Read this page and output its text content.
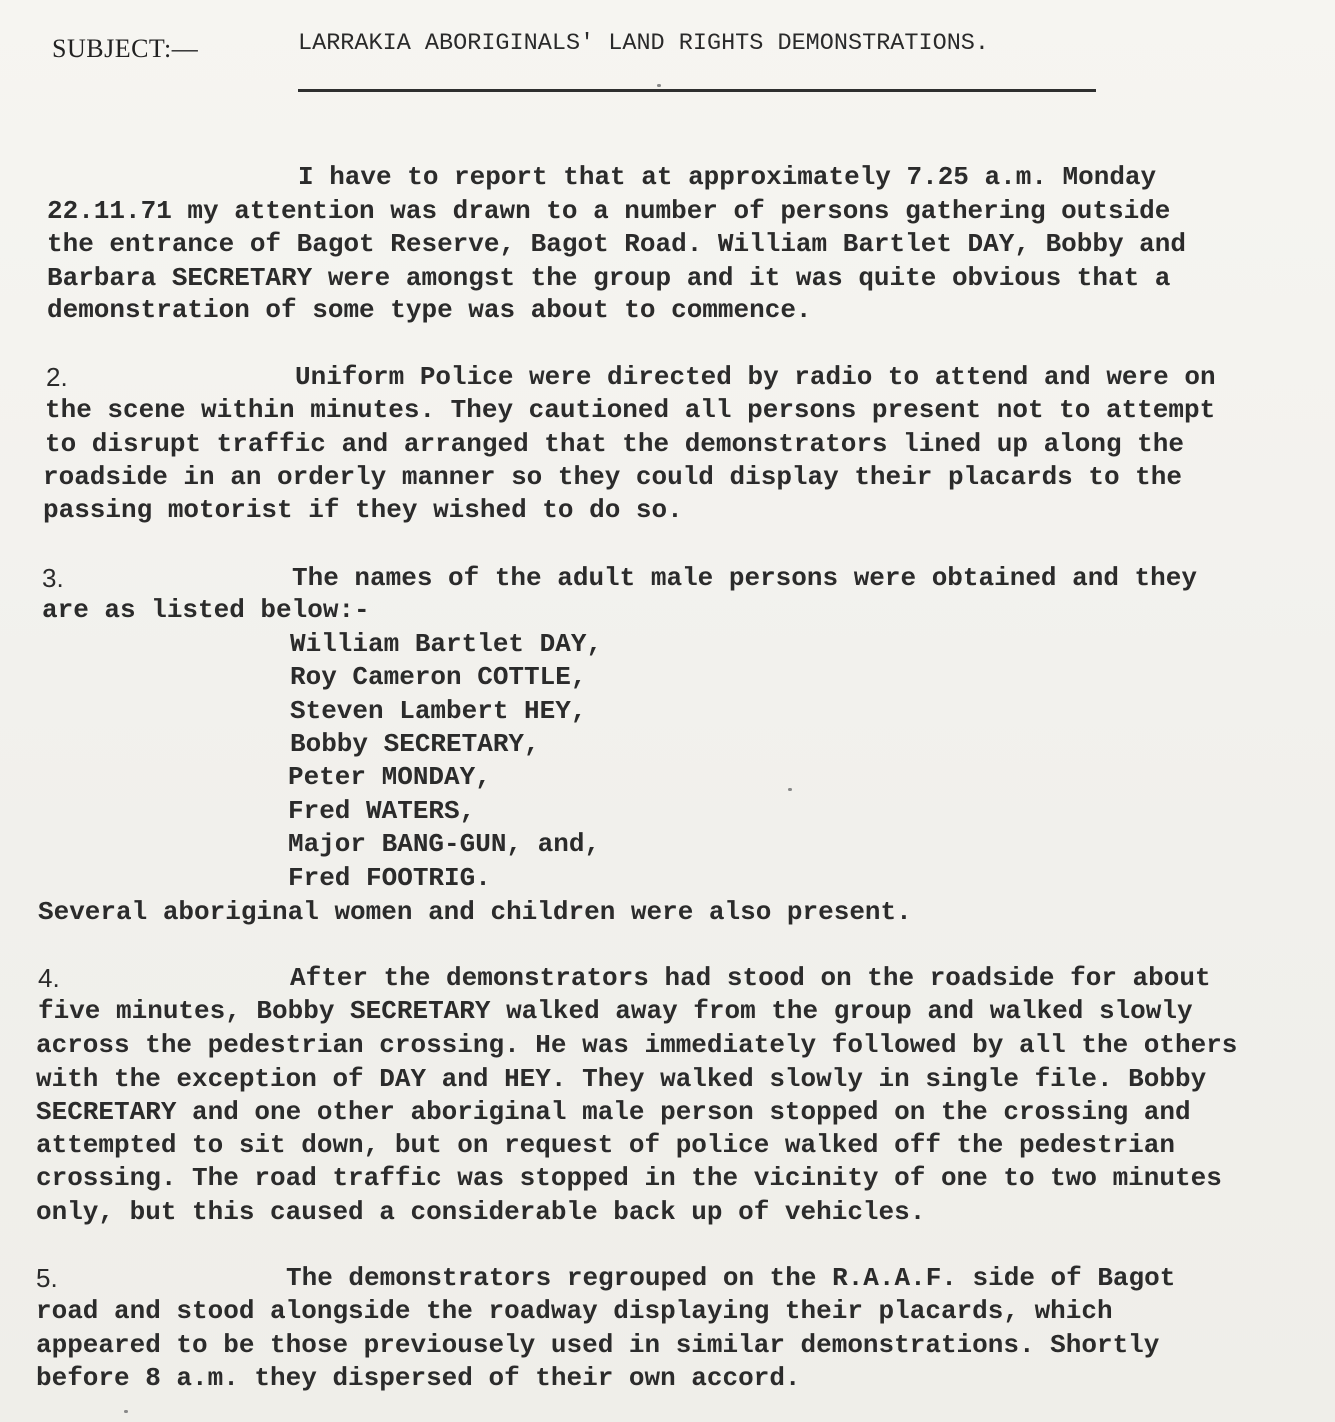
SUBJECT:—	LARRAKIA ABORIGINALS' LAND RIGHTS DEMONSTRATIONS.
I have to report that at approximately 7.25 a.m. Monday
22.11.71 my attention was drawn to a number of persons gathering outside
the entrance of Bagot Reserve, Bagot Road. William Bartlet DAY, Bobby and
Barbara SECRETARY were amongst the group and it was quite obvious that a
demonstration of some type was about to commence.
2.	Uniform Police were directed by radio to attend and were on
the scene within minutes. They cautioned all persons present not to attempt
to disrupt traffic and arranged that the demonstrators lined up along the
roadside in an orderly manner so they could display their placards to the
passing motorist if they wished to do so.
3.	The names of the adult male persons were obtained and they
are as listed below:-
William Bartlet DAY,
Roy Cameron COTTLE,
Steven Lambert HEY,
Bobby SECRETARY,
Peter MONDAY,
Fred WATERS,
Major BANG-GUN, and,
Fred FOOTRIG.
Several aboriginal women and children were also present.
4.	After the demonstrators had stood on the roadside for about
five minutes, Bobby SECRETARY walked away from the group and walked slowly
across the pedestrian crossing. He was immediately followed by all the others
with the exception of DAY and HEY. They walked slowly in single file. Bobby
SECRETARY and one other aboriginal male person stopped on the crossing and
attempted to sit down, but on request of police walked off the pedestrian
crossing. The road traffic was stopped in the vicinity of one to two minutes
only, but this caused a considerable back up of vehicles.
5.	The demonstrators regrouped on the R.A.A.F. side of Bagot
road and stood alongside the roadway displaying their placards, which
appeared to be those previousely used in similar demonstrations. Shortly
before 8 a.m. they dispersed of their own accord.
